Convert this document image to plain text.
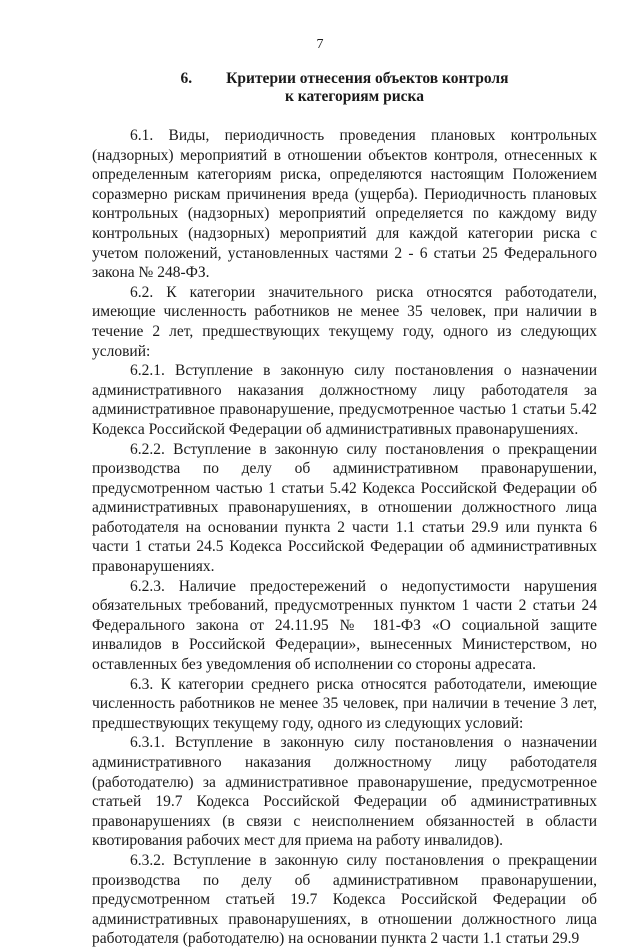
7
6. Критерии отнесения объектов контроля
к категориям риска

6.1. Виды, периодичность проведения плановых контрольных (надзорных) мероприятий в отношении объектов контроля, отнесенных к определенным категориям риска, определяются настоящим Положением соразмерно рискам причинения вреда (ущерба). Периодичность плановых контрольных (надзорных) мероприятий определяется по каждому виду контрольных (надзорных) мероприятий для каждой категории риска с учетом положений, установленных частями 2 - 6 статьи 25 Федерального закона № 248-ФЗ.

6.2. К категории значительного риска относятся работодатели, имеющие численность работников не менее 35 человек, при наличии в течение 2 лет, предшествующих текущему году, одного из следующих условий:

6.2.1. Вступление в законную силу постановления о назначении административного наказания должностному лицу работодателя за административное правонарушение, предусмотренное частью 1 статьи 5.42 Кодекса Российской Федерации об административных правонарушениях.

6.2.2. Вступление в законную силу постановления о прекращении производства по делу об административном правонарушении, предусмотренном частью 1 статьи 5.42 Кодекса Российской Федерации об административных правонарушениях, в отношении должностного лица работодателя на основании пункта 2 части 1.1 статьи 29.9 или пункта 6 части 1 статьи 24.5 Кодекса Российской Федерации об административных правонарушениях.

6.2.3. Наличие предостережений о недопустимости нарушения обязательных требований, предусмотренных пунктом 1 части 2 статьи 24 Федерального закона от 24.11.95 № 181-ФЗ «О социальной защите инвалидов в Российской Федерации», вынесенных Министерством, но оставленных без уведомления об исполнении со стороны адресата.

6.3. К категории среднего риска относятся работодатели, имеющие численность работников не менее 35 человек, при наличии в течение 3 лет, предшествующих текущему году, одного из следующих условий:

6.3.1. Вступление в законную силу постановления о назначении административного наказания должностному лицу работодателя (работодателю) за административное правонарушение, предусмотренное статьей 19.7 Кодекса Российской Федерации об административных правонарушениях (в связи с неисполнением обязанностей в области квотирования рабочих мест для приема на работу инвалидов).

6.3.2. Вступление в законную силу постановления о прекращении производства по делу об административном правонарушении, предусмотренном статьей 19.7 Кодекса Российской Федерации об административных правонарушениях, в отношении должностного лица работодателя (работодателю) на основании пункта 2 части 1.1 статьи 29.9
